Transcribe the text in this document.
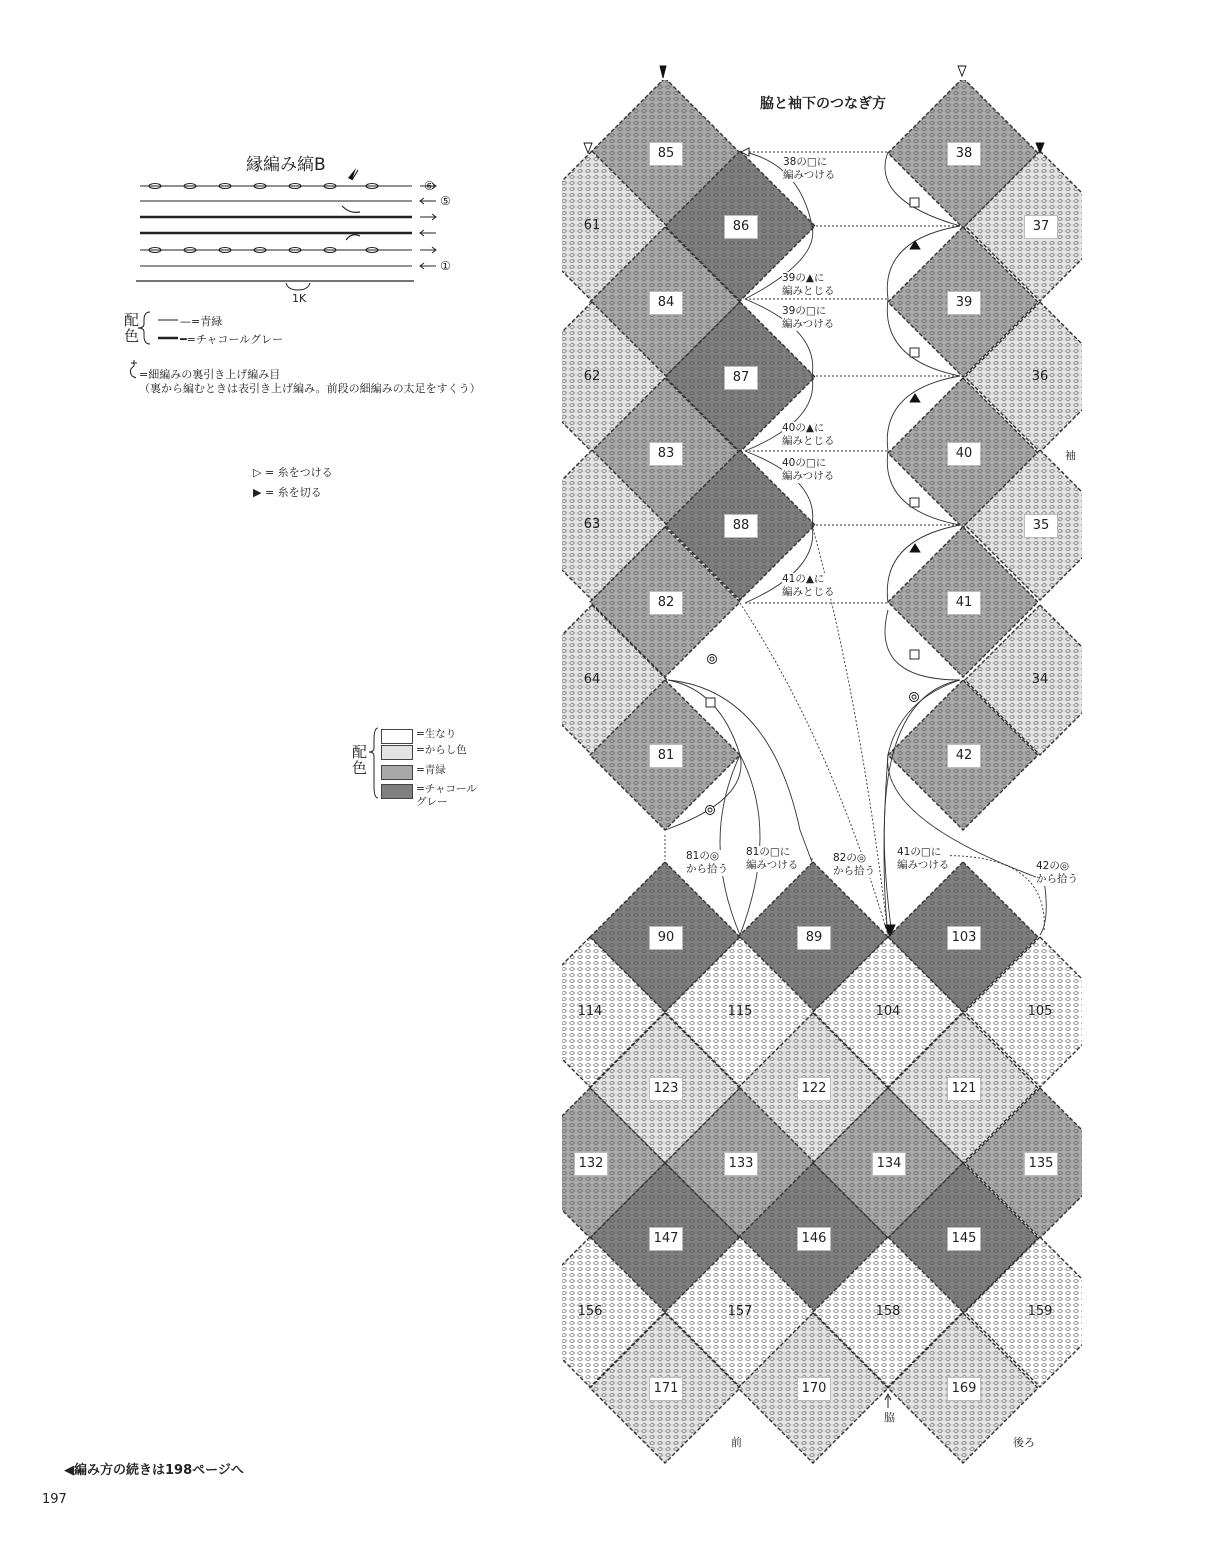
縁編み縞B
⑥
⑤
①
1K
配色
—=青緑
━=チャコールグレー
=細編みの裏引き上げ編み目
（裏から編むときは表引き上げ編み。前段の細編みの太足をすくう）
▷ = 糸をつける
▶ = 糸を切る
配色
=生なり
=からし色
=青緑
=チャコール
グレー
脇と袖下のつなぎ方
85
86
61
84
87
62
83
88
63
82
64
81
38
37
39
36
40
35
41
34
42
90	89	103
114	115	104	105
123	122	121
132	133	134	135
147	146	145
156	157	158	159
171	170	169
38の□に
編みつける
39の▲に
編みとじる
39の□に
編みつける
40の▲に
編みとじる
40の□に
編みつける
41の▲に
編みとじる
81の◎
から拾う
81の□に
編みつける
82の◎
から拾う
41の□に
編みつける	42の◎
から拾う
袖
前	後ろ
脇
◀編み方の続きは198ページへ
197
